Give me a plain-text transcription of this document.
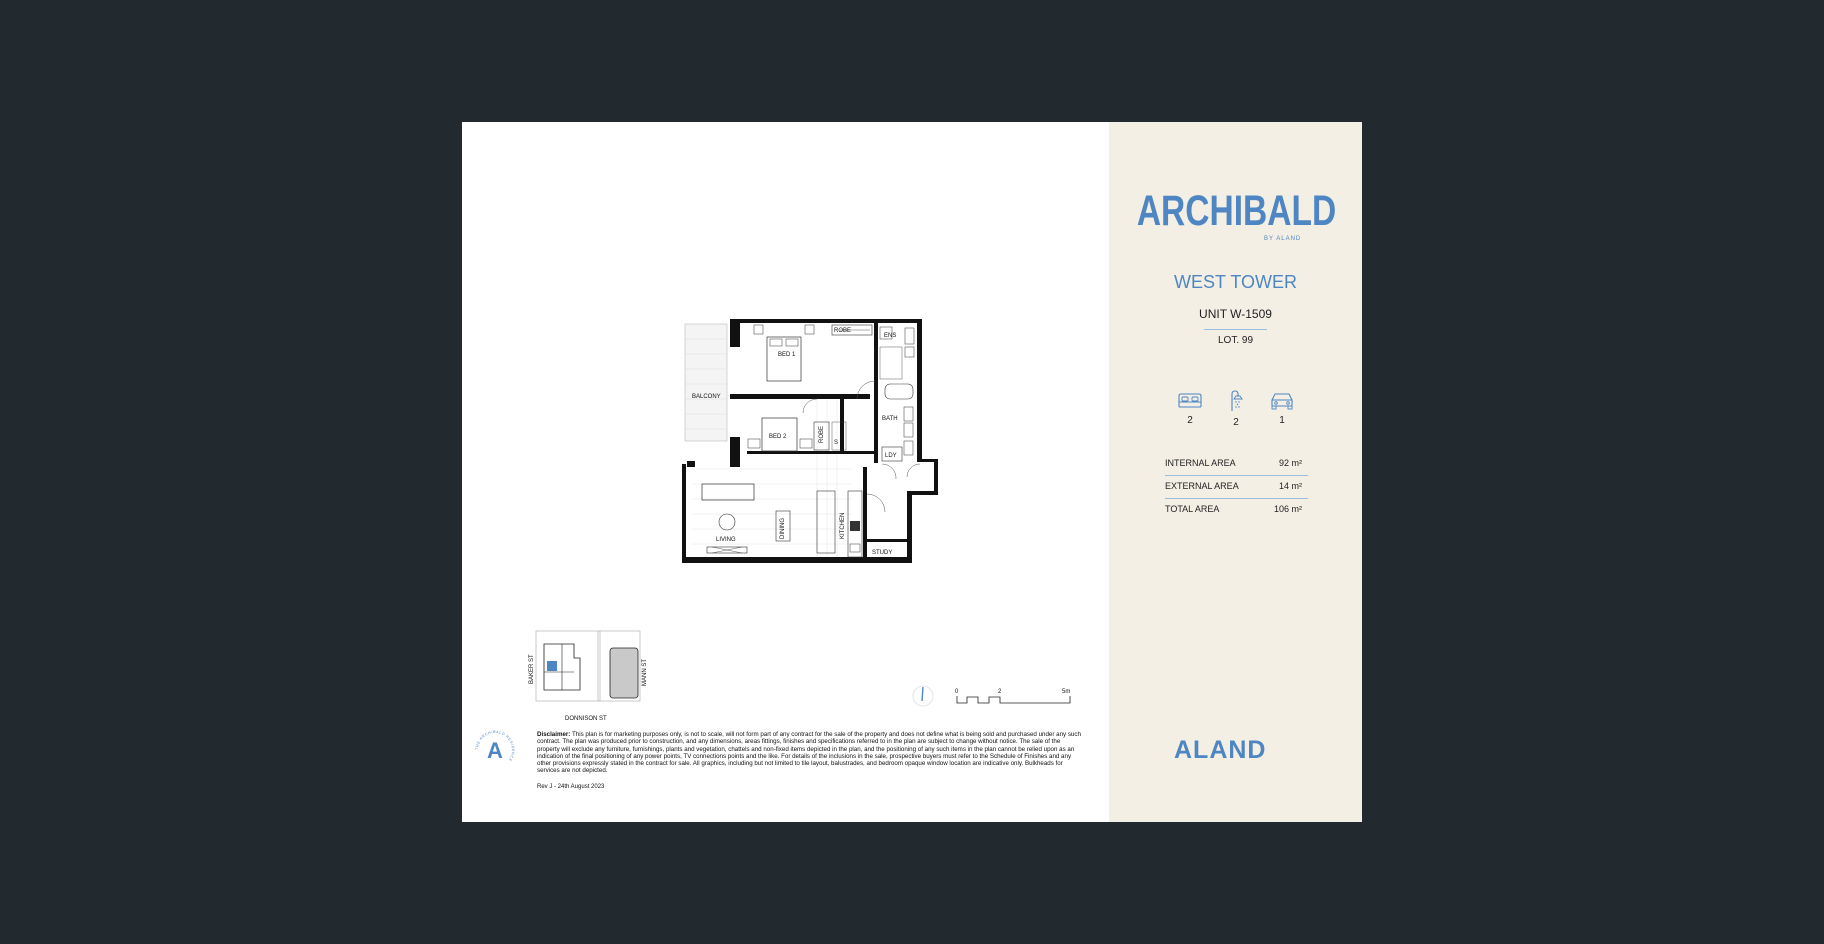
BED 1
ROBE
ENS
BALCONY
BED 2
BATH
LDY
LIVING
STUDY
S
ROBE
DINING	KITCHEN
BAKER ST	MANN ST
DONNISON ST
0	2	5m
THE ARCHIBALD RESIDENCE
A
Disclaimer: This plan is for marketing purposes only, is not to scale, will not form part of any contract for the sale of the property and does not define what is being sold and purchased under any such contract. The plan was produced prior to construction, and any dimensions, areas fittings, finishes and specifications referred to in the plan are subject to change without notice. The sale of the property will exclude any furniture, furnishings, plants and vegetation, chattels and non-fixed items depicted in the plan, and the positioning of any such items in the plan cannot be relied upon as an indication of the final positioning of any power points, TV connections points and the like. For details of the inclusions in the sale, prospective buyers must refer to the Schedule of Finishes and any other provisions expressly stated in the contract for sale. All graphics, including but not limited to tile layout, balustrades, and bedroom opaque window location are indicative only. Bulkheads for services are not depicted.
Rev J - 24th August 2023
ARCHIBALD
BY ALAND
WEST TOWER
UNIT W-1509
LOT. 99
2	2	1
INTERNAL AREA	92 m²
EXTERNAL AREA	14 m²
TOTAL AREA	106 m²
ALAND
